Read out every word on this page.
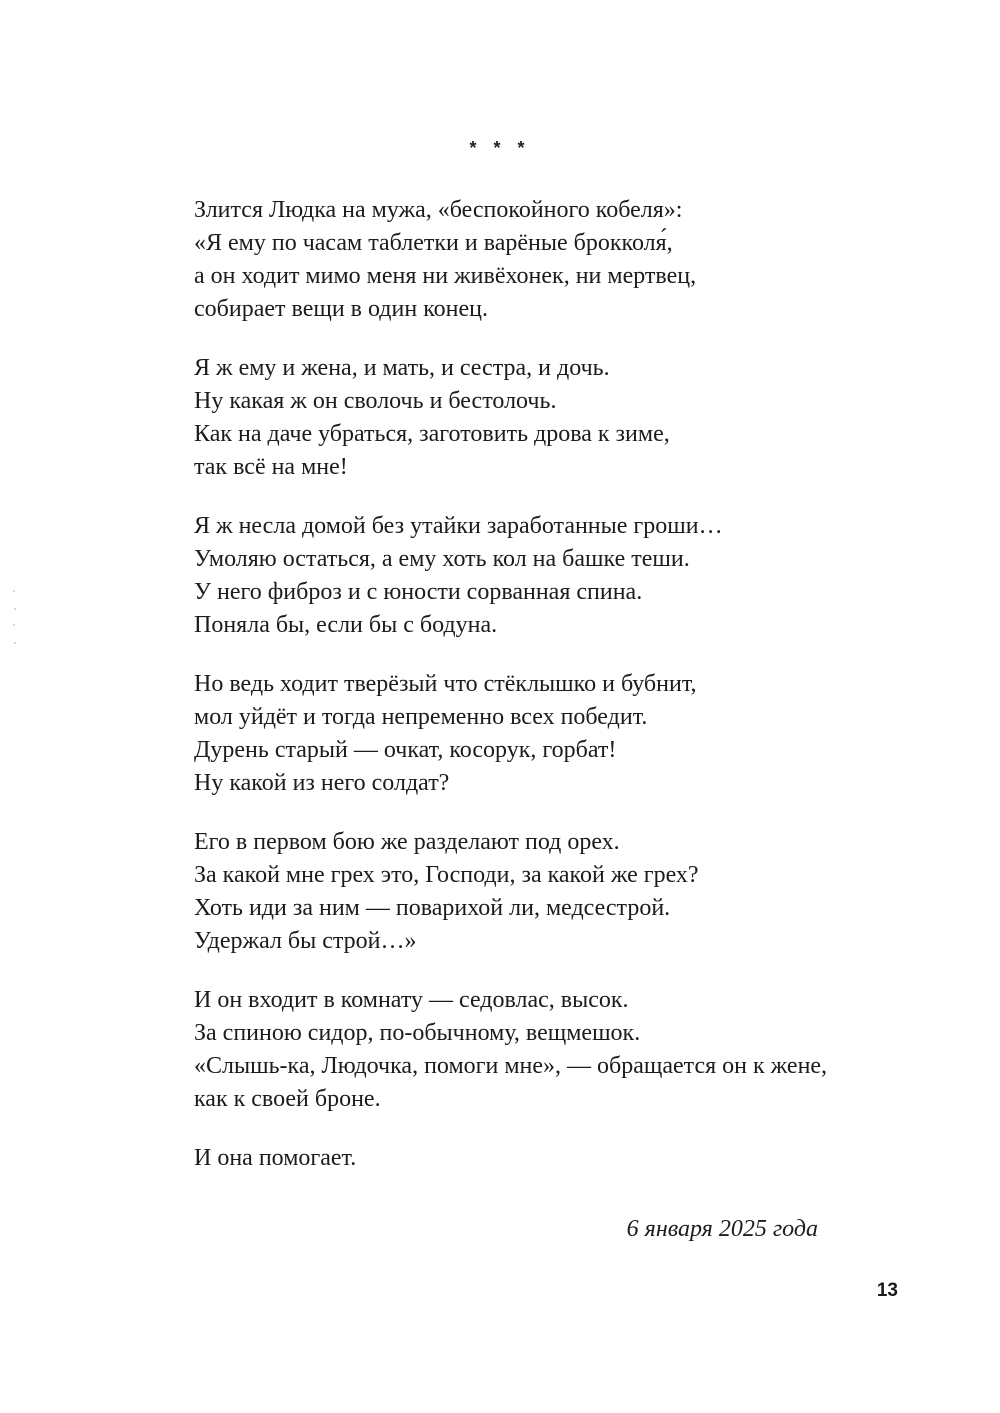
* * *
Злится Людка на мужа, «беспокойного кобеля»:
«Я ему по часам таблетки и варёные брокколя́,
а он ходит мимо меня ни живёхонек, ни мертвец,
собирает вещи в один конец.
Я ж ему и жена, и мать, и сестра, и дочь.
Ну какая ж он сволочь и бестолочь.
Как на даче убраться, заготовить дрова к зиме,
так всё на мне!
Я ж несла домой без утайки заработанные гроши…
Умоляю остаться, а ему хоть кол на башке теши.
У него фиброз и с юности сорванная спина.
Поняла бы, если бы с бодуна.
Но ведь ходит тверёзый что стёклышко и бубнит,
мол уйдёт и тогда непременно всех победит.
Дурень старый — очкат, косорук, горбат!
Ну какой из него солдат?
Его в первом бою же разделают под орех.
За какой мне грех это, Господи, за какой же грех?
Хоть иди за ним — поварихой ли, медсестрой.
Удержал бы строй…»
И он входит в комнату — седовлас, высок.
За спиною сидор, по-обычному, вещмешок.
«Слышь-ка, Людочка, помоги мне», — обращается он к жене,
как к своей броне.
И она помогает.
6 января 2025 года
13
